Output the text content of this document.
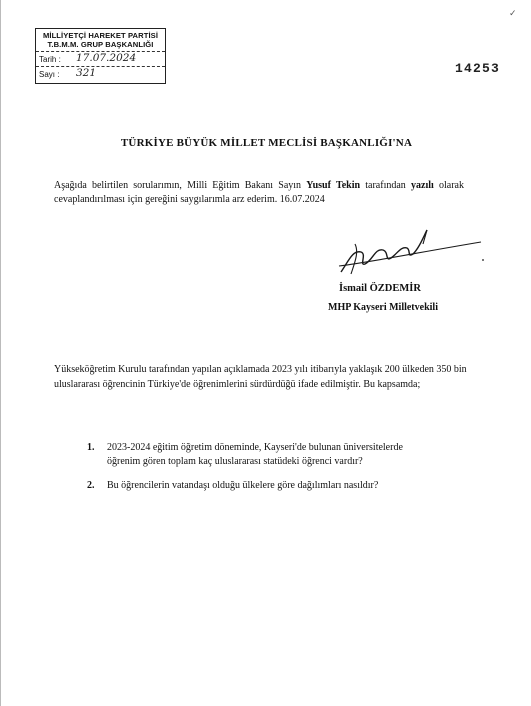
✓
MİLLİYETÇİ HAREKET PARTİSİ
T.B.M.M. GRUP BAŞKANLIĞI
Tarih : 17.07.2024
Sayı : 321	14253
TÜRKİYE BÜYÜK MİLLET MECLİSİ BAŞKANLIĞI'NA

Aşağıda belirtilen sorularımın, Milli Eğitim Bakanı Sayın Yusuf Tekin tarafından yazılı olarak cevaplandırılması için gereğini saygılarımla arz ederim. 16.07.2024

İsmail ÖZDEMİR
MHP Kayseri Milletvekili

Yükseköğretim Kurulu tarafından yapılan açıklamada 2023 yılı itibarıyla yaklaşık 200 ülkeden 350 bin uluslararası öğrencinin Türkiye'de öğrenimlerini sürdürdüğü ifade edilmiştir. Bu kapsamda;

1. 2023-2024 eğitim öğretim döneminde, Kayseri'de bulunan üniversitelerde öğrenim gören toplam kaç uluslararası statüdeki öğrenci vardır?
2. Bu öğrencilerin vatandaşı olduğu ülkelere göre dağılımları nasıldır?
